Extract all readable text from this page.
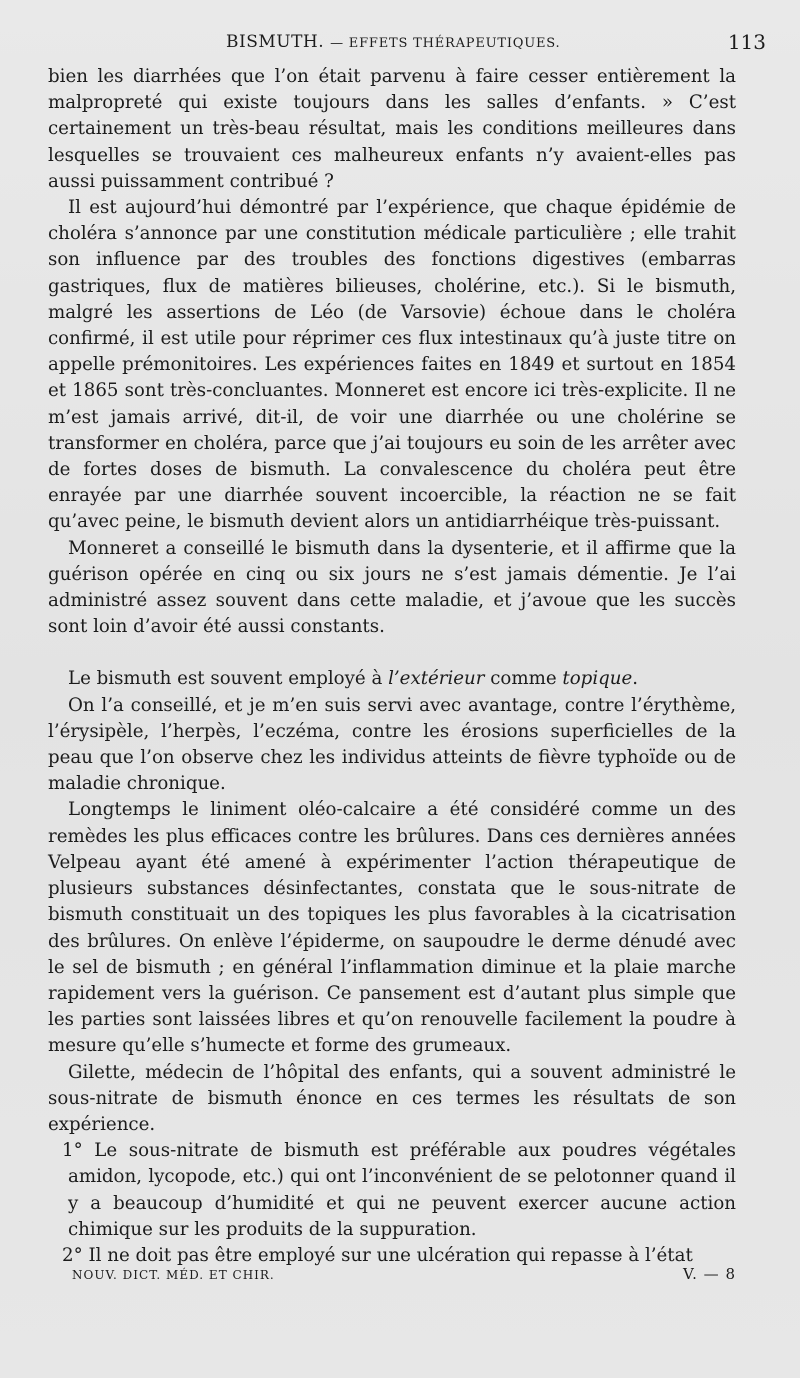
BISMUTH. — EFFETS THÉRAPEUTIQUES.	113

bien les diarrhées que l’on était parvenu à faire cesser entièrement la malpropreté qui existe toujours dans les salles d’enfants. » C’est certainement un très-beau résultat, mais les conditions meilleures dans lesquelles se trouvaient ces malheureux enfants n’y avaient-elles pas aussi puissamment contribué ?

Il est aujourd’hui démontré par l’expérience, que chaque épidémie de choléra s’annonce par une constitution médicale particulière ; elle trahit son influence par des troubles des fonctions digestives (embarras gastriques, flux de matières bilieuses, cholérine, etc.). Si le bismuth, malgré les assertions de Léo (de Varsovie) échoue dans le choléra confirmé, il est utile pour réprimer ces flux intestinaux qu’à juste titre on appelle prémonitoires. Les expériences faites en 1849 et surtout en 1854 et 1865 sont très-concluantes. Monneret est encore ici très-explicite. Il ne m’est jamais arrivé, dit-il, de voir une diarrhée ou une cholérine se transformer en choléra, parce que j’ai toujours eu soin de les arrêter avec de fortes doses de bismuth. La convalescence du choléra peut être enrayée par une diarrhée souvent incoercible, la réaction ne se fait qu’avec peine, le bismuth devient alors un antidiarrhéique très-puissant.

Monneret a conseillé le bismuth dans la dysenterie, et il affirme que la guérison opérée en cinq ou six jours ne s’est jamais démentie. Je l’ai administré assez souvent dans cette maladie, et j’avoue que les succès sont loin d’avoir été aussi constants.

Le bismuth est souvent employé à l’extérieur comme topique.

On l’a conseillé, et je m’en suis servi avec avantage, contre l’érythème, l’érysipèle, l’herpès, l’eczéma, contre les érosions superficielles de la peau que l’on observe chez les individus atteints de fièvre typhoïde ou de maladie chronique.

Longtemps le liniment oléo-calcaire a été considéré comme un des remèdes les plus efficaces contre les brûlures. Dans ces dernières années Velpeau ayant été amené à expérimenter l’action thérapeutique de plusieurs substances désinfectantes, constata que le sous-nitrate de bismuth constituait un des topiques les plus favorables à la cicatrisation des brûlures. On enlève l’épiderme, on saupoudre le derme dénudé avec le sel de bismuth ; en général l’inflammation diminue et la plaie marche rapidement vers la guérison. Ce pansement est d’autant plus simple que les parties sont laissées libres et qu’on renouvelle facilement la poudre à mesure qu’elle s’humecte et forme des grumeaux.

Gilette, médecin de l’hôpital des enfants, qui a souvent administré le sous-nitrate de bismuth énonce en ces termes les résultats de son expérience.

1° Le sous-nitrate de bismuth est préférable aux poudres végétales amidon, lycopode, etc.) qui ont l’inconvénient de se pelotonner quand il y a beaucoup d’humidité et qui ne peuvent exercer aucune action chimique sur les produits de la suppuration.

2° Il ne doit pas être employé sur une ulcération qui repasse à l’état

NOUV. DICT. MÉD. ET CHIR.	V. — 8
